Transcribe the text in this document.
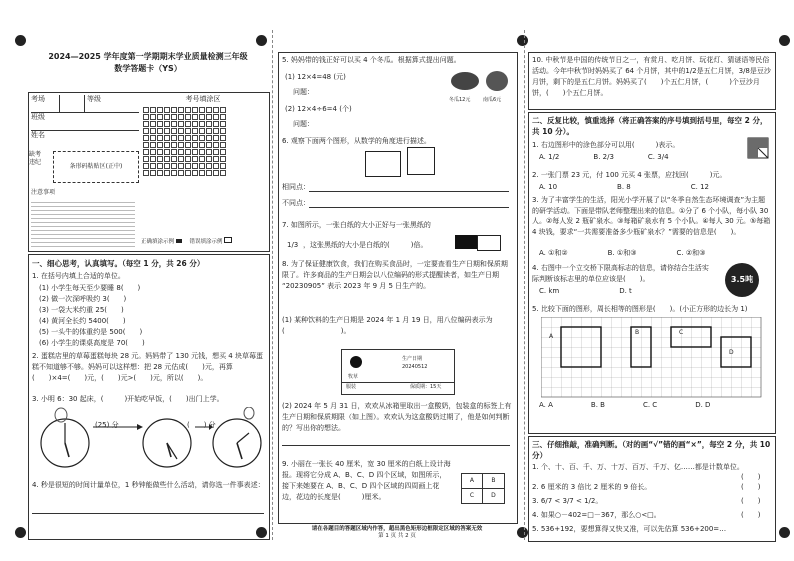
2024—2025 学年度第一学期期末学业质量检测三年级
数学答题卡（YS）
考场	等级
班级
姓名
考号填涂区
缺考
违纪
条形码粘贴区(正中)
注意事项
正确填涂示例	错误填涂示例
一、细心思考，认真填写。（每空 1 分，共 26 分）
1. 在括号内填上合适的单位。
(1) 小学生每天至少要睡 8(　　)
(2) 做一次深呼吸约 3(　　)
(3) 一袋大米约重 25(　　)
(4) 黄河全长约 5400(　　)
(5) 一头牛的体重约是 500(　　)
(6) 小学生的课桌高度是 70(　　)
2. 蛋糕店里的草莓蛋糕每块 28 元。妈妈带了 130 元钱，想买 4 块草莓蛋糕不知道够不够。妈妈可以这样想：把 28 元估成(　　)元，再算(　　)×4=(　　)元，(　　)元>(　　)元，所以(　　)。
3. 小明 6：30 起床，(　　　)开始吃早饭，(　　)出门上学。
(25) 分	(　　) 分
4. 秒是很短的时间计量单位，1 秒钟能做些什么活动，请你选一件事表述：
5. 妈妈带的钱正好可以买 4 个冬瓜。根据算式提出问题。
(1) 12×4=48 (元)
问题：
(2) 12×4÷6=4 (个)
问题：
冬瓜12元	南瓜6元
6. 观察下面两个图形，从数学的角度进行描述。
相同点：
不同点：
7. 如图所示，一张白纸的大小正好与一张黑纸的
1/3 ，这张黑纸的大小是白纸的(　　　)倍。
8. 为了保证健康饮食，我们在购买食品时，一定要查看生产日期和保质期限了。许多商品的生产日期会以八位编码的形式提醒读者，如生产日期 “20230905” 表示 2023 年 9 月 5 日生产的。
(1) 某种饮料的生产日期是 2024 年 1 月 19 日，用八位编码表示为(　　　　　　　　)。
牧草
生产日期
20240512
服装	保质期：15天
(2) 2024 年 5 月 31 日，欢欢从冰箱里取出一盒酸奶，包装盒的标签上有生产日期和保质期限（如上图）。欢欢认为这盒酸奶过期了，他是如何判断的？写出你的想法。
9. 小丽在一张长 40 厘米，宽 30 厘米的白纸上设计海报。现将它分成 A、B、C、D 四个区域，如图所示，接下来她要在 A、B、C、D 四个区域的四周画上花边，花边的长度是(　　　)厘米。
A	B
C	D
请在各题目的答题区域内作答，超出黑色矩形边框限定区域的答案无效
第 1 页 共 2 页
10. 中秋节是中国的传统节日之一，有赏月、吃月饼、玩花灯、猜谜语等民俗活动。今年中秋节时妈妈买了 64 个月饼，其中的1/2是五仁月饼，3/8是豆沙月饼，剩下的是五仁月饼。妈妈买了(　　)个五仁月饼，(　　　)个豆沙月饼，(　　)个五仁月饼。
二、反复比较，慎重选择（将正确答案的序号填到括号里，每空 2 分，共 10 分）。
1. 右边图形中的涂色部分可以用(　　　)表示。
A. 1/2	B. 2/3	C. 3/4
2. 一张门票 23 元，付 100 元买 4 张票，应找回(　　　)元。
A. 10	B. 8	C. 12
3. 为了丰富学生的生活，阳光小学开展了以“冬季自然生态环境调查”为主题的研学活动。下面是带队老师整理出来的信息。①分了 6 个小队，每小队 30 人。②每人发 2 瓶矿泉水。③每箱矿泉水有 5 个小队。④每人 30 元。⑤每箱 4 块钱，要求“一共需要准备多少瓶矿泉水？”需要的信息是(　　)。
A. ①和②	B. ①和③	C. ②和③
4. 右图中一个立交桥下限高标志的信息，请你结合生活实际判断该标志里的单位应该是(　　)。
C. km	D. t
3.5吨
5. 比较下面的图形，周长相等的图形是(　　)。(小正方形的边长为 1)
A
B	C
D
A. A	B. B	C. C	D. D
三、仔细推敲，准确判断。（对的画“√”错的画“×”，每空 2 分，共 10 分）
1. 个、十、百、千、万、十万、百万、千万、亿……都是计数单位。
(　　)
2. 6 厘米的 3 倍比 2 厘米的 9 倍长。	(　　)
3. 6/7 < 3/7 < 1/2。	(　　)
4. 如果○－402=□－367，那么○<□。	(　　)
5. 536+192，要想算得又快又准，可以先估算 536+200=…
